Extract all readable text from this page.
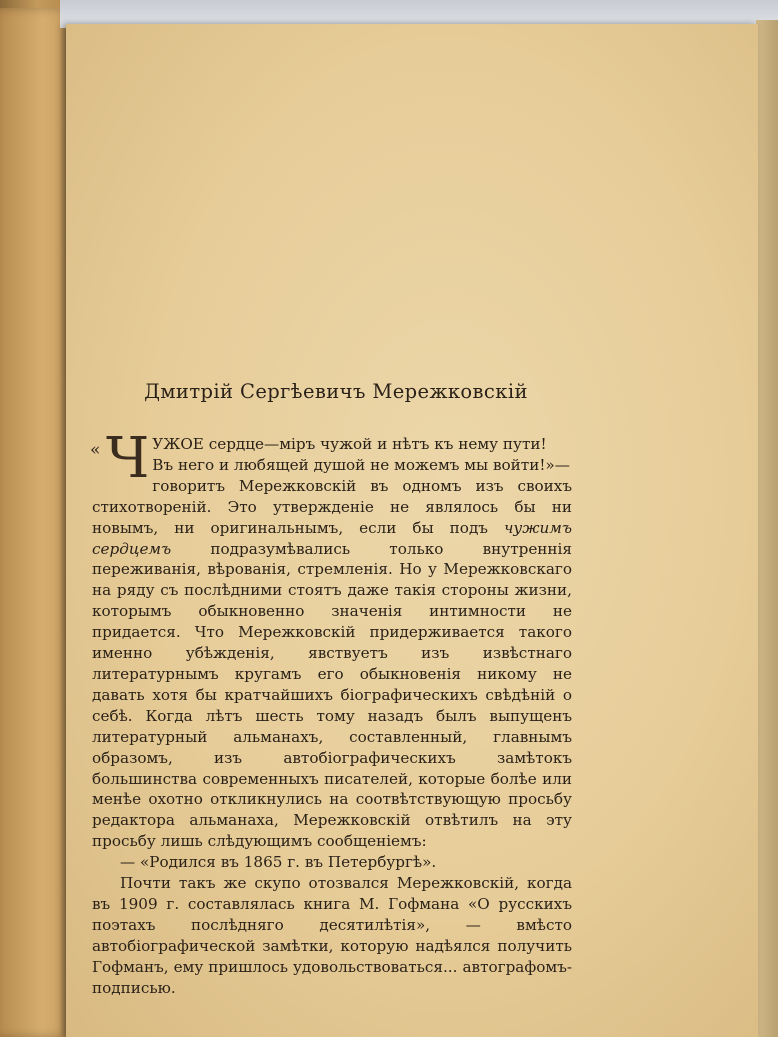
Дмитрій Сергѣевичъ Мережковскій

« Ч УЖОЕ сердце—міръ чужой и нѣтъ къ нему пути!
Въ него и любящей душой не можемъ мы войти!»—
говоритъ Мережковскій въ одномъ изъ своихъ стихотвореній. Это утвержденіе не являлось бы ни новымъ, ни оригинальнымъ, если бы подъ чужимъ сердцемъ подразумѣвались только внутреннія переживанія, вѣрованія, стремленія. Но у Мережковскаго на ряду съ послѣдними стоятъ даже такія стороны жизни, которымъ обыкновенно значенія интимности не придается. Что Мережковскій придерживается такого именно убѣжденія, явствуетъ изъ извѣстнаго литературнымъ кругамъ его обыкновенія никому не давать хотя бы кратчайшихъ біографическихъ свѣдѣній о себѣ. Когда лѣтъ шесть тому назадъ былъ выпущенъ литературный альманахъ, составленный, главнымъ образомъ, изъ автобіографическихъ замѣтокъ большинства современныхъ писателей, которые болѣе или менѣе охотно откликнулись на соотвѣтствующую просьбу редактора альманаха, Мережковскій отвѣтилъ на эту просьбу лишь слѣдующимъ сообщеніемъ:

— «Родился въ 1865 г. въ Петербургѣ».

Почти такъ же скупо отозвался Мережковскій, когда въ 1909 г. составлялась книга М. Гофмана «О русскихъ поэтахъ послѣдняго десятилѣтія», — вмѣсто автобіографической замѣтки, которую надѣялся получить Гофманъ, ему пришлось удовольствоваться... автографомъ-подписью.
